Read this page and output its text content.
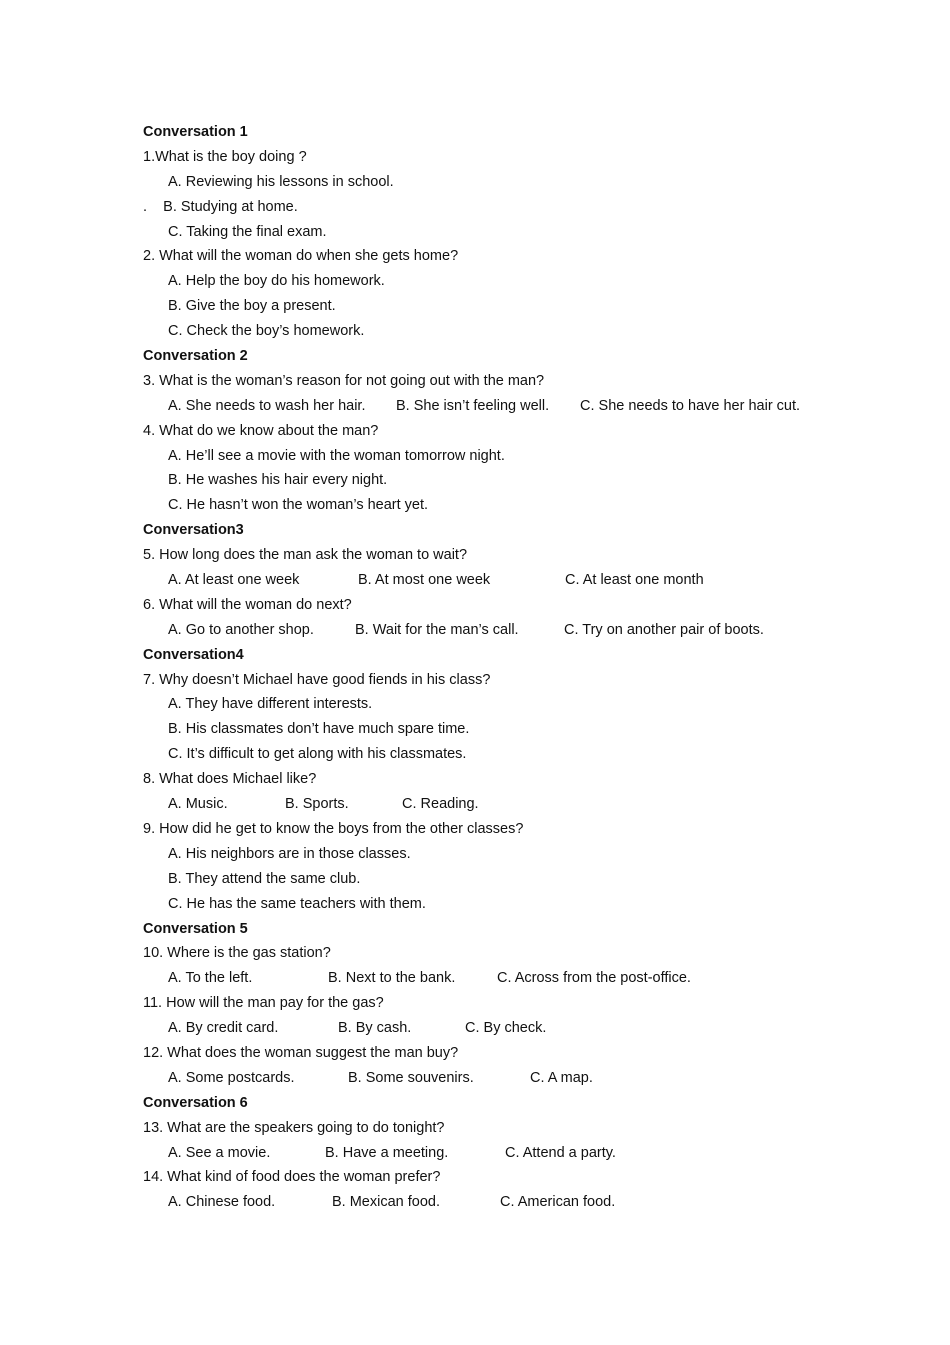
Conversation 1
1.What is the boy doing ?
A. Reviewing his lessons in school.
.    B. Studying at home.
C. Taking the final exam.
2. What will the woman do when she gets home?
A. Help the boy do his homework.
B. Give the boy a present.
C. Check the boy’s homework.
Conversation 2
3. What is the woman’s reason for not going out with the man?

A. She needs to wash her hair.

B. She isn’t feeling well.

C. She needs to have her hair cut.

4. What do we know about the man?
A. He’ll see a movie with the woman tomorrow night.
B. He washes his hair every night.
C. He hasn’t won the woman’s heart yet.
Conversation3
5. How long does the man ask the woman to wait?

A. At least one week

	B. At most one week

	C. At least one month

6. What will the woman do next?

A. Go to another shop.

	B. Wait for the man’s call.

	C. Try on another pair of boots.

Conversation4
7. Why doesn’t Michael have good fiends in his class?
A. They have different interests.
B. His classmates don’t have much spare time.
C. It’s difficult to get along with his classmates.
8. What does Michael like?

A. Music.

	B. Sports.

	C. Reading.

9. How did he get to know the boys from the other classes?
A. His neighbors are in those classes.
B. They attend the same club.
C. He has the same teachers with them.
Conversation 5
10. Where is the gas station?

A. To the left.

	B. Next to the bank.

	C. Across from the post-office.

11. How will the man pay for the gas?

A. By credit card.

	B. By cash.

	C. By check.

12. What does the woman suggest the man buy?

A. Some postcards.

	B. Some souvenirs.

	C. A map.

Conversation 6
13. What are the speakers going to do tonight?

A. See a movie.

	B. Have a meeting.

	C. Attend a party.

14. What kind of food does the woman prefer?

A. Chinese food.

	B. Mexican food.

	C. American food.
